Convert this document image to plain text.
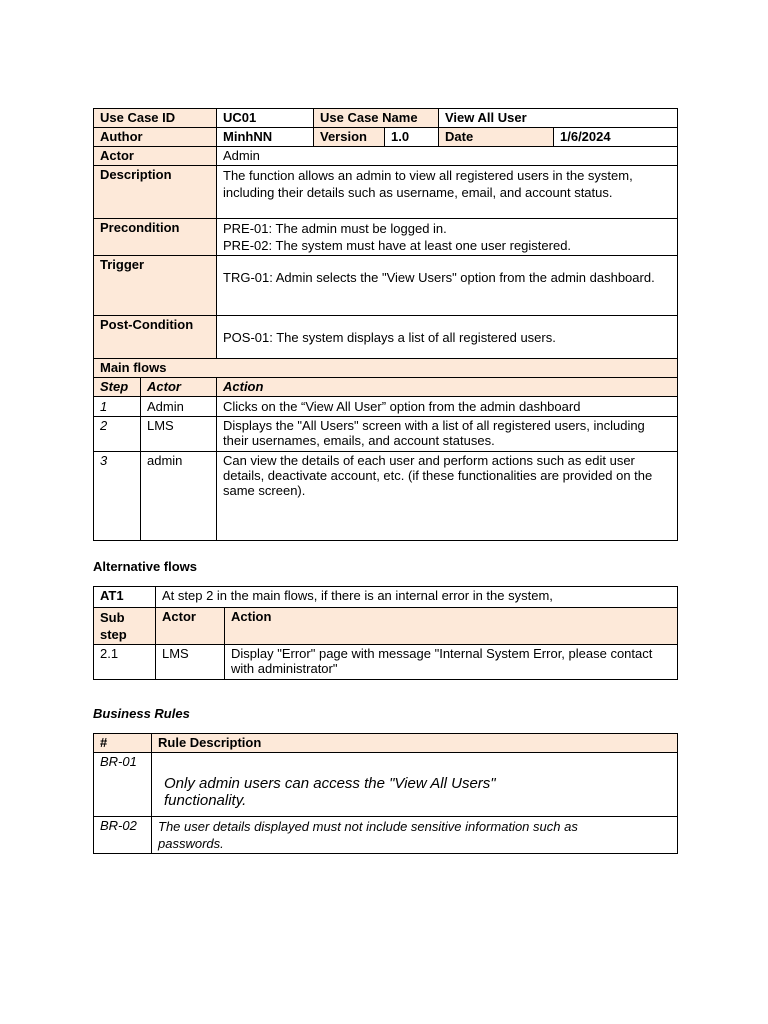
Use Case ID	UC01	Use Case Name		View All User	
Author	MinhNN	Version	1.0	Date	1/6/2024
Actor	Admin				
Description	The function allows an admin to view all registered users in the system, including their details such as username, email, and account status.				
Precondition	PRE-01: The admin must be logged in.
PRE-02: The system must have at least one user registered.				

Trigger	TRG-01: Admin selects the "View Users" option from the admin dashboard.				
Post-Condition	POS-01: The system displays a list of all registered users.				
Main flows		
Step	Actor	Action
1	Admin	Clicks on the “View All User” option from the admin dashboard
2	LMS	Displays the "All Users" screen with a list of all registered users, including their usernames, emails, and account statuses.
3	admin	Can view the details of each user and perform actions such as edit user details, deactivate account, etc. (if these functionalities are provided on the same screen).
Alternative flows
AT1	At step 2 in the main flows, if there is an internal error in the system,	
Sub step	Actor	Action
2.1	LMS	Display "Error" page with message "Internal System Error, please contact with administrator"
Business Rules
#	Rule Description
BR-01	Only admin users can access the "View All Users" functionality.
BR-02	The user details displayed must not include sensitive information such as passwords.
